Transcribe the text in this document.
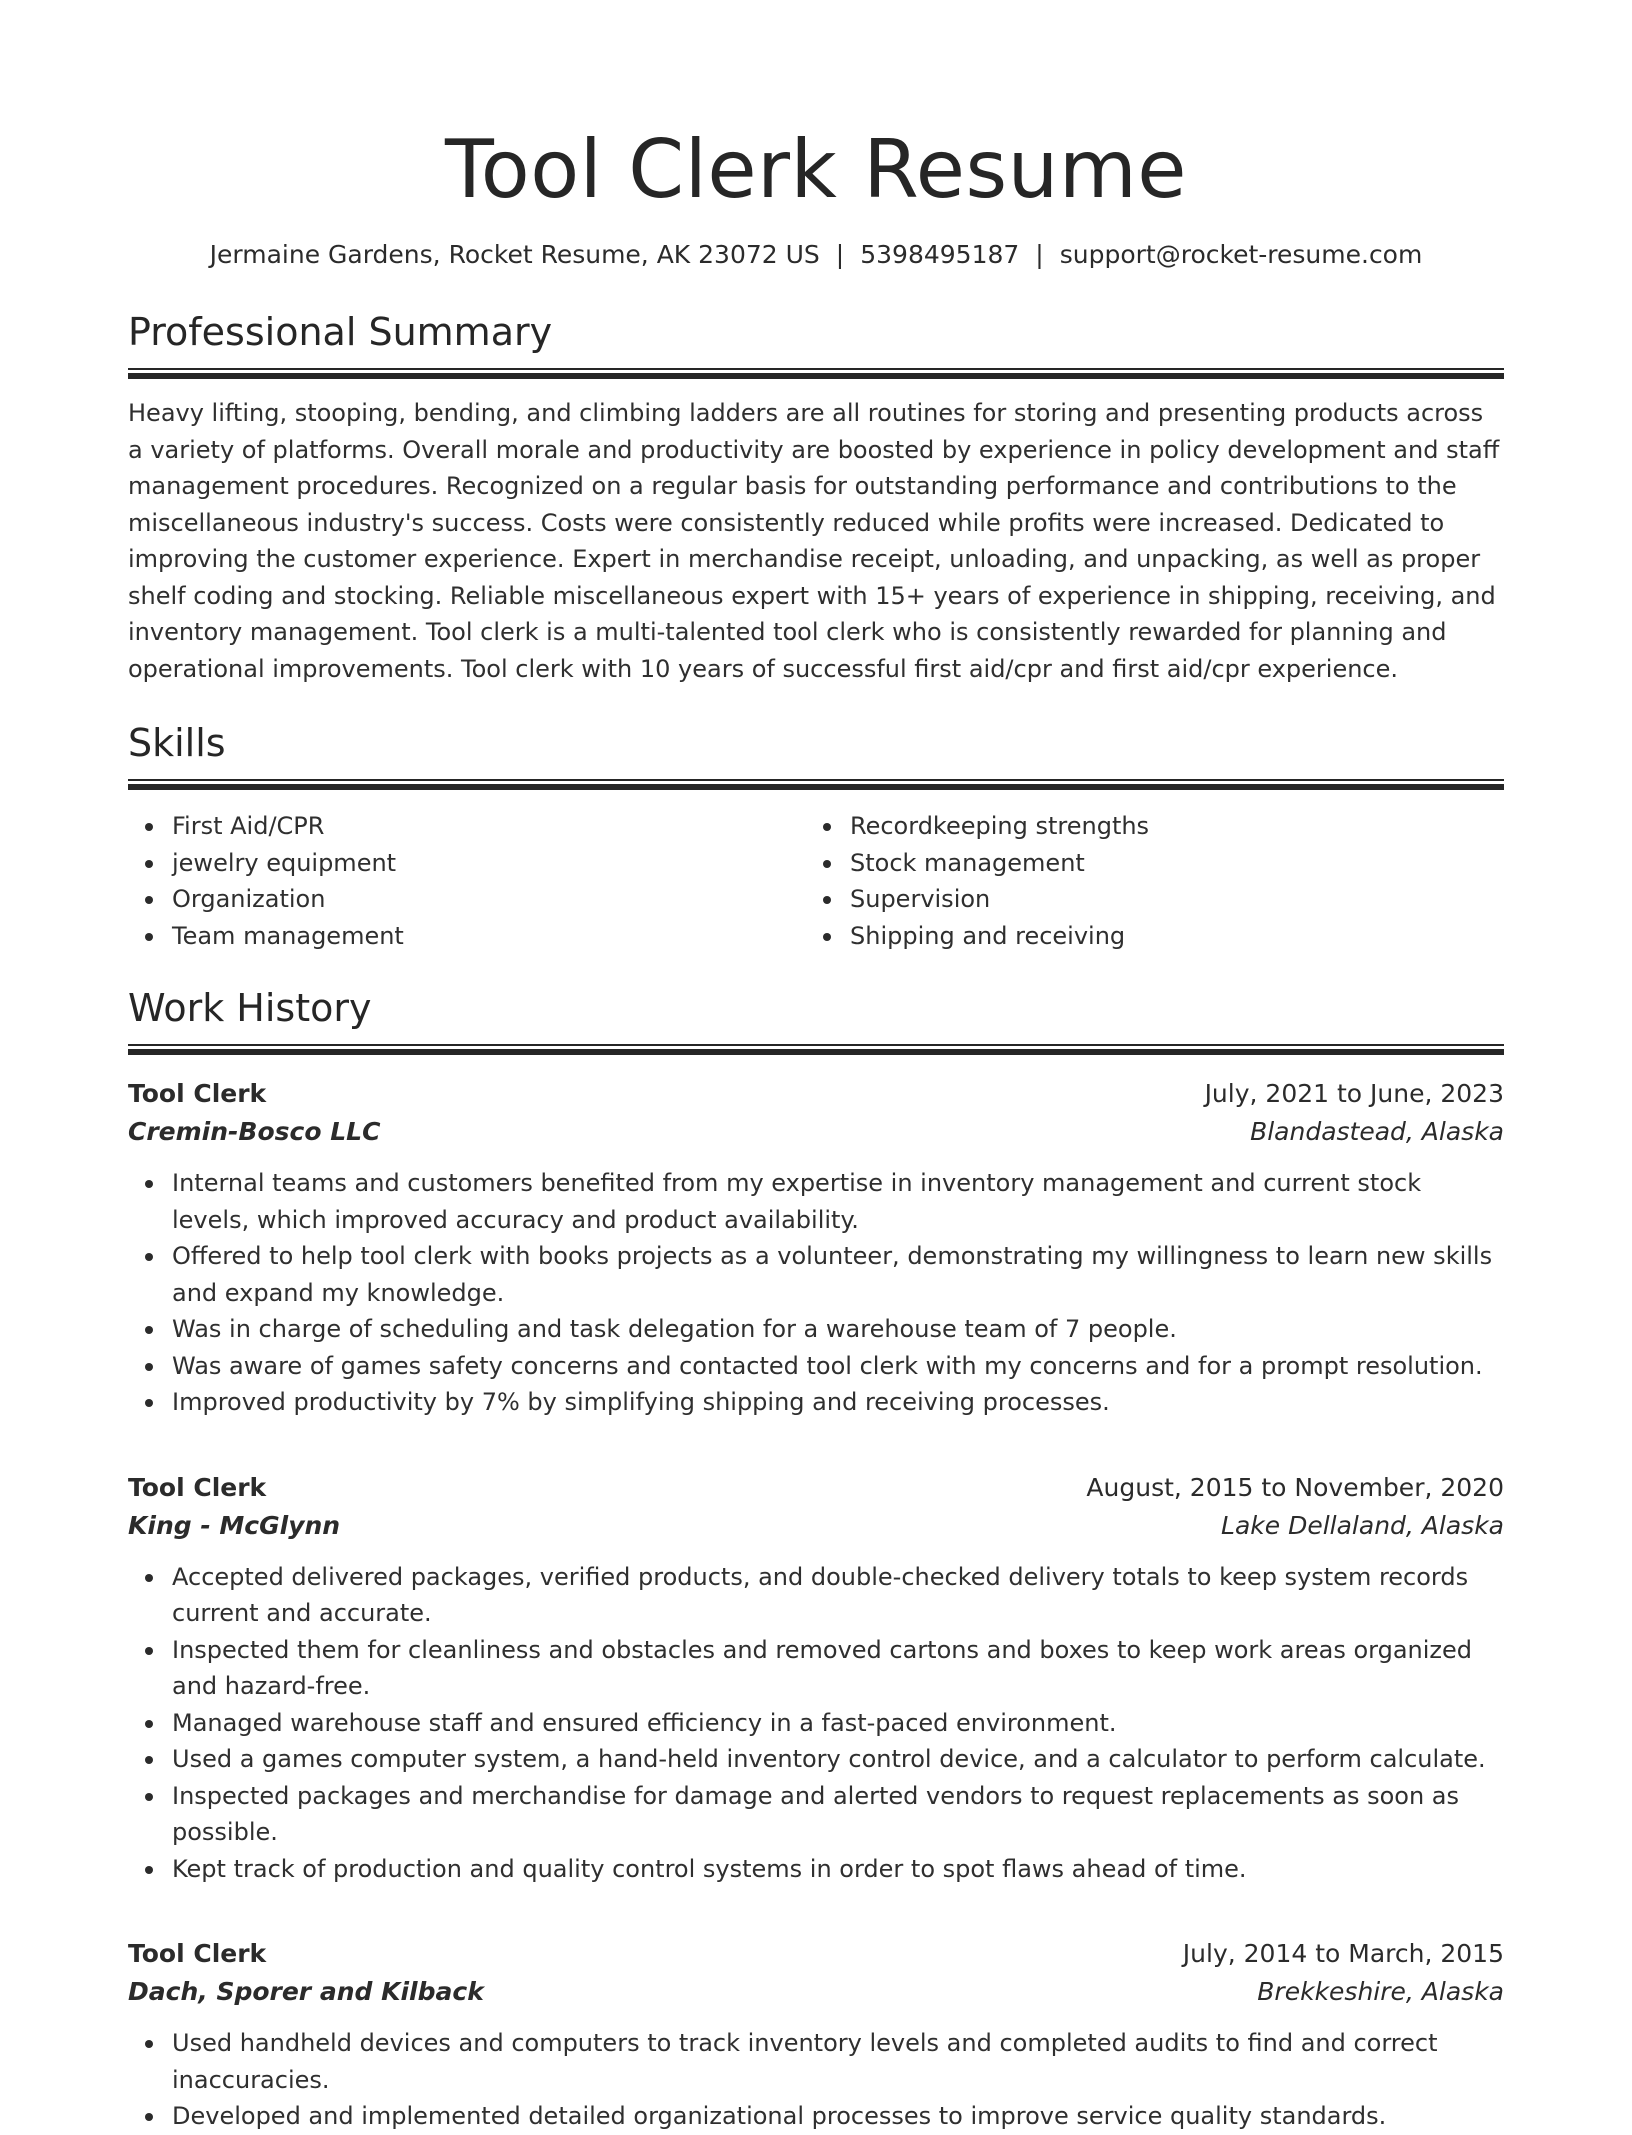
Tool Clerk Resume
Jermaine Gardens, Rocket Resume, AK 23072 US | 5398495187 | support@rocket-resume.com
Professional Summary

Heavy lifting, stooping, bending, and climbing ladders are all routines for storing and presenting products across a variety of platforms. Overall morale and productivity are boosted by experience in policy development and staff management procedures. Recognized on a regular basis for outstanding performance and contributions to the miscellaneous industry's success. Costs were consistently reduced while profits were increased. Dedicated to improving the customer experience. Expert in merchandise receipt, unloading, and unpacking, as well as proper shelf coding and stocking. Reliable miscellaneous expert with 15+ years of experience in shipping, receiving, and inventory management. Tool clerk is a multi-talented tool clerk who is consistently rewarded for planning and operational improvements. Tool clerk with 10 years of successful first aid/cpr and first aid/cpr experience.

Skills
First Aid/CPR
jewelry equipment
Organization
Team management
Recordkeeping strengths
Stock management
Supervision
Shipping and receiving
Work History
Tool Clerk	July, 2021 to June, 2023
Cremin-Bosco LLC	Blandastead, Alaska
Internal teams and customers benefited from my expertise in inventory management and current stock levels, which improved accuracy and product availability.
Offered to help tool clerk with books projects as a volunteer, demonstrating my willingness to learn new skills and expand my knowledge.
Was in charge of scheduling and task delegation for a warehouse team of 7 people.
Was aware of games safety concerns and contacted tool clerk with my concerns and for a prompt resolution.
Improved productivity by 7% by simplifying shipping and receiving processes.
Tool Clerk	August, 2015 to November, 2020
King - McGlynn	Lake Dellaland, Alaska
Accepted delivered packages, verified products, and double-checked delivery totals to keep system records current and accurate.
Inspected them for cleanliness and obstacles and removed cartons and boxes to keep work areas organized and hazard-free.
Managed warehouse staff and ensured efficiency in a fast-paced environment.
Used a games computer system, a hand-held inventory control device, and a calculator to perform calculate.
Inspected packages and merchandise for damage and alerted vendors to request replacements as soon as possible.
Kept track of production and quality control systems in order to spot flaws ahead of time.
Tool Clerk	July, 2014 to March, 2015
Dach, Sporer and Kilback	Brekkeshire, Alaska
Used handheld devices and computers to track inventory levels and completed audits to find and correct inaccuracies.
Developed and implemented detailed organizational processes to improve service quality standards.
